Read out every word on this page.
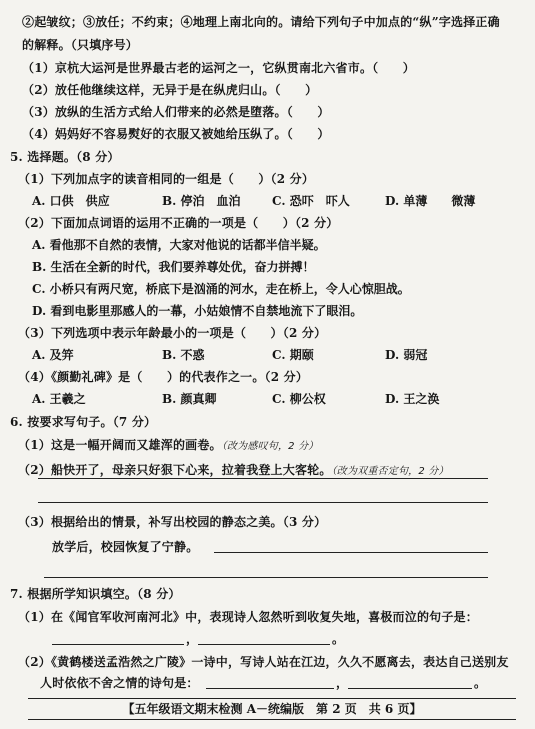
②起皱纹；③放任；不约束；④地理上南北向的。请给下列句子中加点的“纵”字选择正确
的解释。（只填序号）
（1）京杭大运河是世界最古老的运河之一，它纵贯南北六省市。（　　）
（2）放任他继续这样，无异于是在纵虎归山。（　　）
（3）放纵的生活方式给人们带来的必然是堕落。（　　）
（4）妈妈好不容易熨好的衣服又被她给压纵了。（　　）
5. 选择题。（8 分）
（1）下列加点字的读音相同的一组是（　　）（2 分）
A. 口供　供应	B. 停泊　血泊	C. 恐吓　吓人	D. 单薄　　微薄
（2）下面加点词语的运用不正确的一项是（　　）（2 分）
A. 看他那不自然的表情，大家对他说的话都半信半疑。
B. 生活在全新的时代，我们要养尊处优，奋力拼搏！
C. 小桥只有两尺宽，桥底下是汹涌的河水，走在桥上，令人心惊胆战。
D. 看到电影里那感人的一幕，小姑娘情不自禁地流下了眼泪。
（3）下列选项中表示年龄最小的一项是（　　）（2 分）
A. 及笄	B. 不惑	C. 期颐	D. 弱冠
（4）《颜勤礼碑》是（　　）的代表作之一。（2 分）
A. 王羲之	B. 颜真卿	C. 柳公权	D. 王之涣
6. 按要求写句子。（7 分）
（1）这是一幅开阔而又雄浑的画卷。（改为感叹句，2 分）
（2）船快开了，母亲只好狠下心来，拉着我登上大客轮。（改为双重否定句，2 分）
（3）根据给出的情景，补写出校园的静态之美。（3 分）
放学后，校园恢复了宁静。
7. 根据所学知识填空。（8 分）
（1）在《闻官军收河南河北》中，表现诗人忽然听到收复失地，喜极而泣的句子是：
，	。
（2）《黄鹤楼送孟浩然之广陵》一诗中，写诗人站在江边，久久不愿离去，表达自己送别友
人时依依不舍之情的诗句是：	，	。
【五年级语文期末检测 A－统编版　第 2 页　共 6 页】
